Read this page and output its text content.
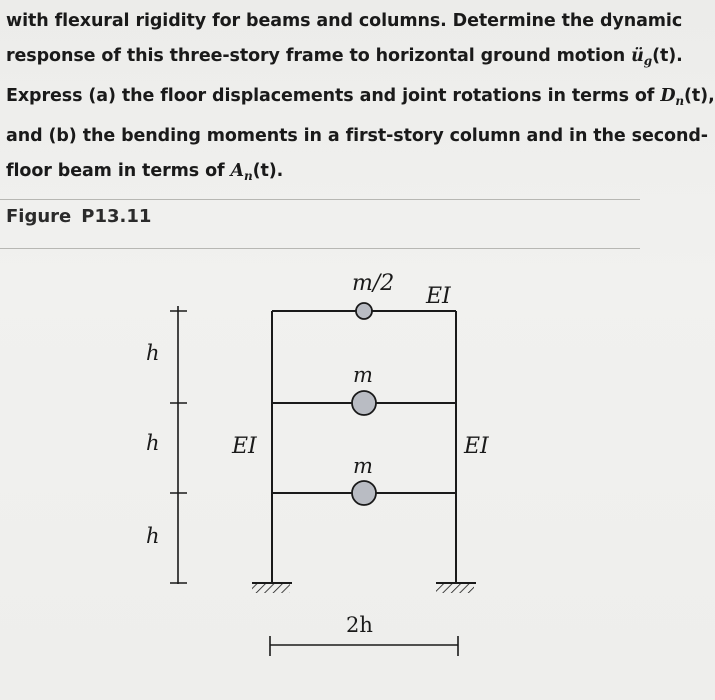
with flexural rigidity for beams and columns. Determine the dynamic
response of this three-story frame to horizontal ground motion $ü_g(t)$.
Express (a) the floor displacements and joint rotations in terms of $D_n(t)$,
and (b) the bending moments in a first-story column and in the second-
floor beam in terms of $A_n(t)$.
Figure P13.11
m/2
EI
m
m
EI	EI
h
h
h
2h
